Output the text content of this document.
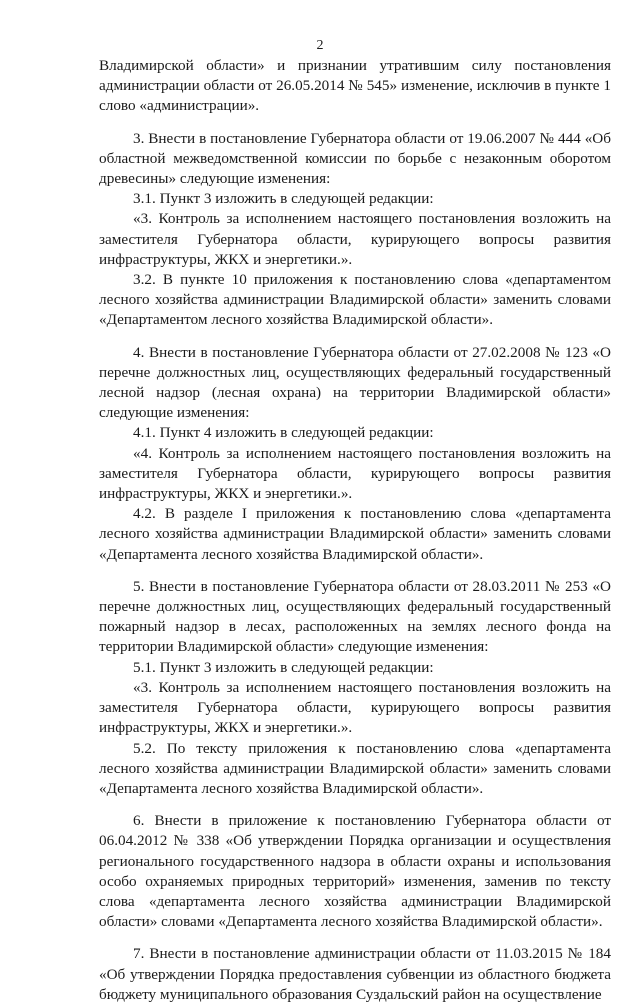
2

Владимирской области» и признании утратившим силу постановления администрации области от 26.05.2014 № 545» изменение, исключив в пункте 1 слово «администрации».

3. Внести в постановление Губернатора области от 19.06.2007 № 444 «Об областной межведомственной комиссии по борьбе с незаконным оборотом древесины» следующие изменения:

3.1. Пункт 3 изложить в следующей редакции:

«3. Контроль за исполнением настоящего постановления возложить на заместителя Губернатора области, курирующего вопросы развития инфраструктуры, ЖКХ и энергетики.».

3.2. В пункте 10 приложения к постановлению слова «департаментом лесного хозяйства администрации Владимирской области» заменить словами «Департаментом лесного хозяйства Владимирской области».

4. Внести в постановление Губернатора области от 27.02.2008 № 123 «О перечне должностных лиц, осуществляющих федеральный государственный лесной надзор (лесная охрана) на территории Владимирской области» следующие изменения:

4.1. Пункт 4 изложить в следующей редакции:

«4. Контроль за исполнением настоящего постановления возложить на заместителя Губернатора области, курирующего вопросы развития инфраструктуры, ЖКХ и энергетики.».

4.2. В разделе I приложения к постановлению слова «департамента лесного хозяйства администрации Владимирской области» заменить словами «Департамента лесного хозяйства Владимирской области».

5. Внести в постановление Губернатора области от 28.03.2011 № 253 «О перечне должностных лиц, осуществляющих федеральный государственный пожарный надзор в лесах, расположенных на землях лесного фонда на территории Владимирской области» следующие изменения:

5.1. Пункт 3 изложить в следующей редакции:

«3. Контроль за исполнением настоящего постановления возложить на заместителя Губернатора области, курирующего вопросы развития инфраструктуры, ЖКХ и энергетики.».

5.2. По тексту приложения к постановлению слова «департамента лесного хозяйства администрации Владимирской области» заменить словами «Департамента лесного хозяйства Владимирской области».

6. Внести в приложение к постановлению Губернатора области от 06.04.2012 № 338 «Об утверждении Порядка организации и осуществления регионального государственного надзора в области охраны и использования особо охраняемых природных территорий» изменения, заменив по тексту слова «департамента лесного хозяйства администрации Владимирской области» словами «Департамента лесного хозяйства Владимирской области».

7. Внести в постановление администрации области от 11.03.2015 № 184 «Об утверждении Порядка предоставления субвенции из областного бюджета бюджету муниципального образования Суздальский район на осуществление
